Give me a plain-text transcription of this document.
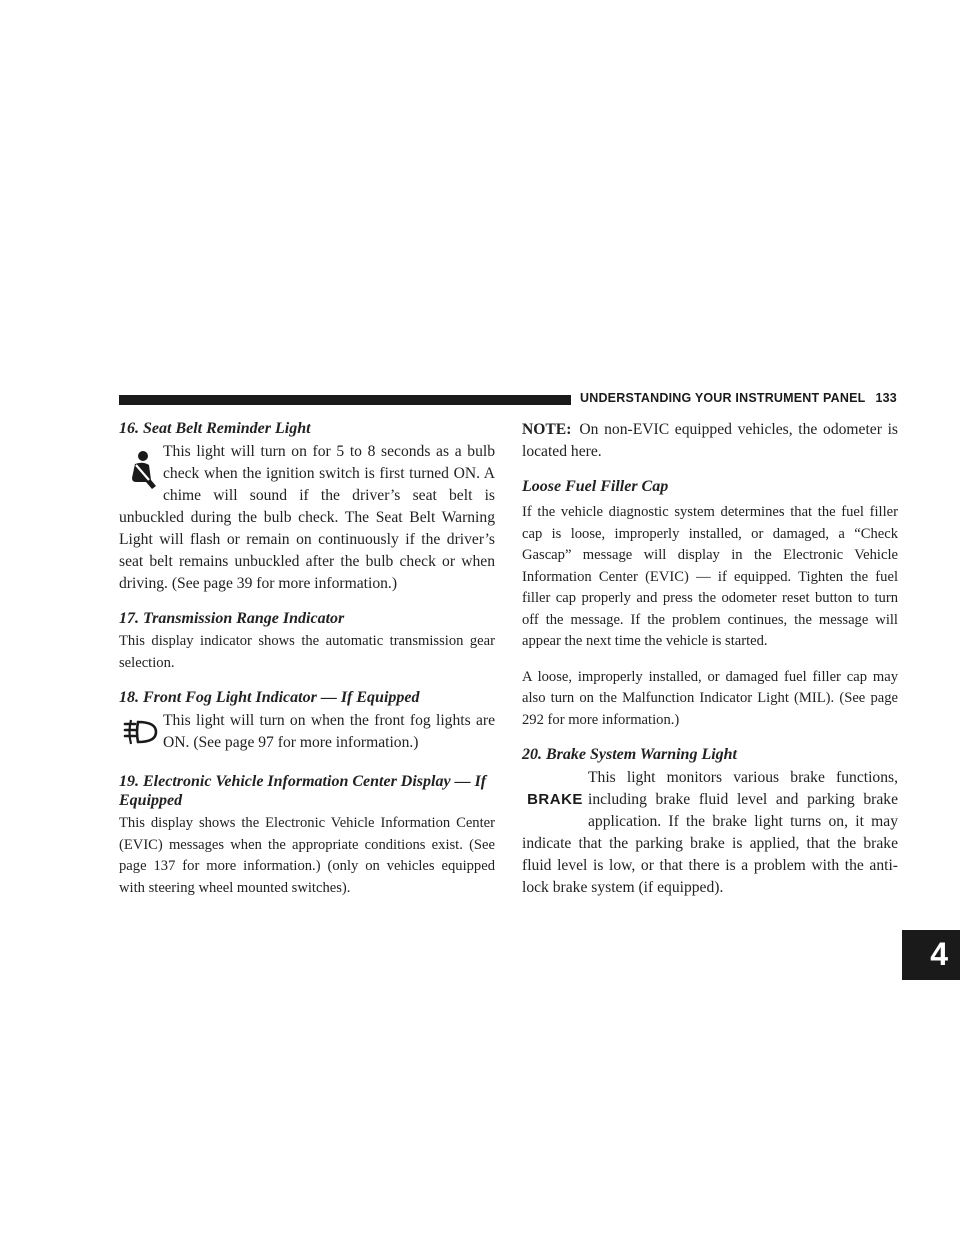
UNDERSTANDING YOUR INSTRUMENT PANEL 133
4
16. Seat Belt Reminder Light

This light will turn on for 5 to 8 seconds as a bulb check when the ignition switch is first turned ON. A chime will sound if the driver’s seat belt is unbuckled during the bulb check. The Seat Belt Warning Light will flash or remain on continuously if the driver’s seat belt remains unbuckled after the bulb check or when driving. (See page 39 for more information.)

17. Transmission Range Indicator

This display indicator shows the automatic transmission gear selection.

18. Front Fog Light Indicator — If Equipped

This light will turn on when the front fog lights are ON. (See page 97 for more information.)

19. Electronic Vehicle Information Center Display — If Equipped

This display shows the Electronic Vehicle Information Center (EVIC) messages when the appropriate conditions exist. (See page 137 for more information.) (only on vehicles equipped with steering wheel mounted switches).

NOTE: On non-EVIC equipped vehicles, the odometer is located here.

Loose Fuel Filler Cap

If the vehicle diagnostic system determines that the fuel filler cap is loose, improperly installed, or damaged, a “Check Gascap” message will display in the Electronic Vehicle Information Center (EVIC) — if equipped. Tighten the fuel filler cap properly and press the odometer reset button to turn off the message. If the problem continues, the message will appear the next time the vehicle is started.

A loose, improperly installed, or damaged fuel filler cap may also turn on the Malfunction Indicator Light (MIL). (See page 292 for more information.)

20. Brake System Warning Light
BRAKE

This light monitors various brake functions, including brake fluid level and parking brake application. If the brake light turns on, it may indicate that the parking brake is applied, that the brake fluid level is low, or that there is a problem with the anti-lock brake system (if equipped).
